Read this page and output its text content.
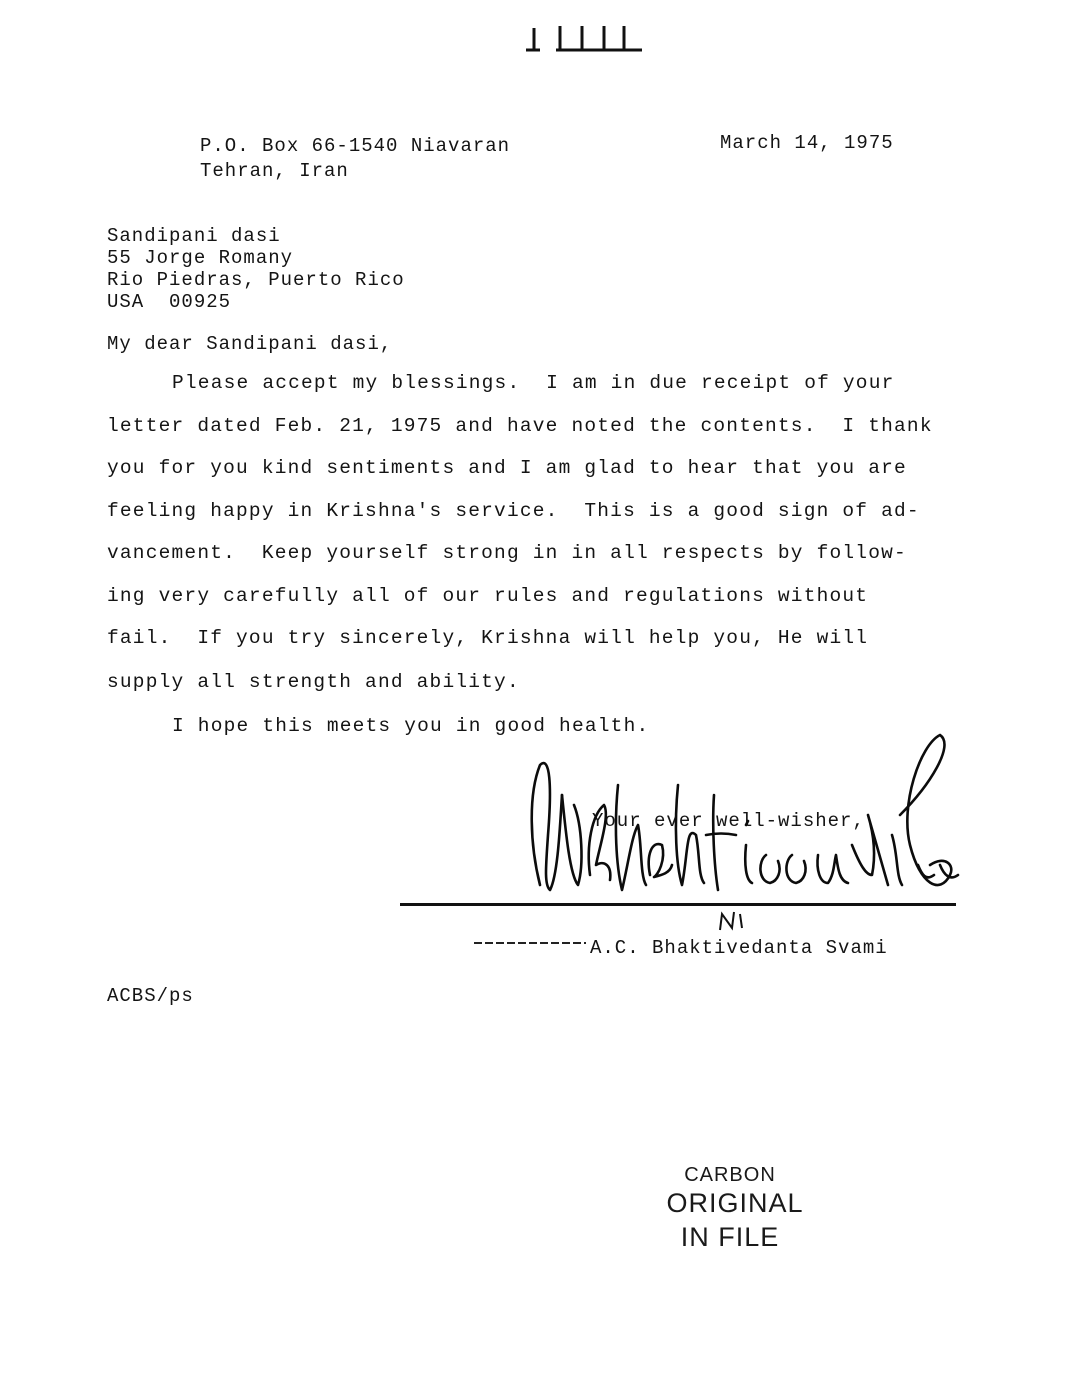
P.O. Box 66-1540 Niavaran
Tehran, Iran
March 14, 1975
Sandipani dasi
55 Jorge Romany
Rio Piedras, Puerto Rico
USA  00925
My dear Sandipani dasi,
Please accept my blessings.  I am in due receipt of your
letter dated Feb. 21, 1975 and have noted the contents.  I thank
you for you kind sentiments and I am glad to hear that you are
feeling happy in Krishna's service.  This is a good sign of ad-
vancement.  Keep yourself strong in in all respects by follow-
ing very carefully all of our rules and regulations without
fail.  If you try sincerely, Krishna will help you, He will
supply all strength and ability.
I hope this meets you in good health.
Your ever well-wisher,
A.C. Bhaktivedanta Svami
ACBS/ps
CARBON
ORIGINAL
IN FILE
